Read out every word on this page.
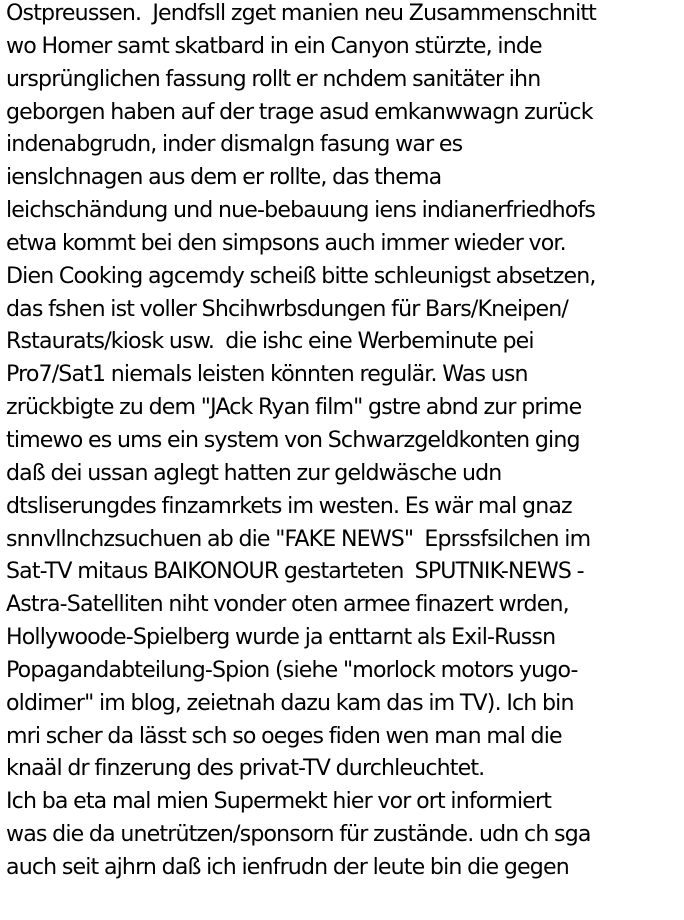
Ostpreussen.  Jendfsll zget manien neu Zusammenschnitt
wo Homer samt skatbard in ein Canyon stürzte, inde
ursprünglichen fassung rollt er nchdem sanitäter ihn
geborgen haben auf der trage asud emkanwwagn zurück
indenabgrudn, inder dismalgn fasung war es
ienslchnagen aus dem er rollte, das thema
leichschändung und nue-bebauung iens indianerfriedhofs
etwa kommt bei den simpsons auch immer wieder vor.
Dien Cooking agcemdy scheiß bitte schleunigst absetzen,
das fshen ist voller Shcihwrbsdungen für Bars/Kneipen/
Rstaurats/kiosk usw.  die ishc eine Werbeminute pei
Pro7/Sat1 niemals leisten könnten regulär. Was usn
zrückbigte zu dem "JAck Ryan film" gstre abnd zur prime
timewo es ums ein system von Schwarzgeldkonten ging
daß dei ussan aglegt hatten zur geldwäsche udn
dtsliserungdes finzamrkets im westen. Es wär mal gnaz
snnvllnchzsuchuen ab die "FAKE NEWS"  Eprssfsilchen im
Sat-TV mitaus BAIKONOUR gestarteten  SPUTNIK-NEWS -
Astra-Satelliten niht vonder oten armee finazert wrden,
Hollywoode-Spielberg wurde ja enttarnt als Exil-Russn
Popagandabteilung-Spion (siehe "morlock motors yugo-
oldimer" im blog, zeietnah dazu kam das im TV). Ich bin
mri scher da lässt sch so oeges fiden wen man mal die
knaäl dr finzerung des privat-TV durchleuchtet.
Ich ba eta mal mien Supermekt hier vor ort informiert
was die da unetrützen/sponsorn für zustände. udn ch sga
auch seit ajhrn daß ich ienfrudn der leute bin die gegen
